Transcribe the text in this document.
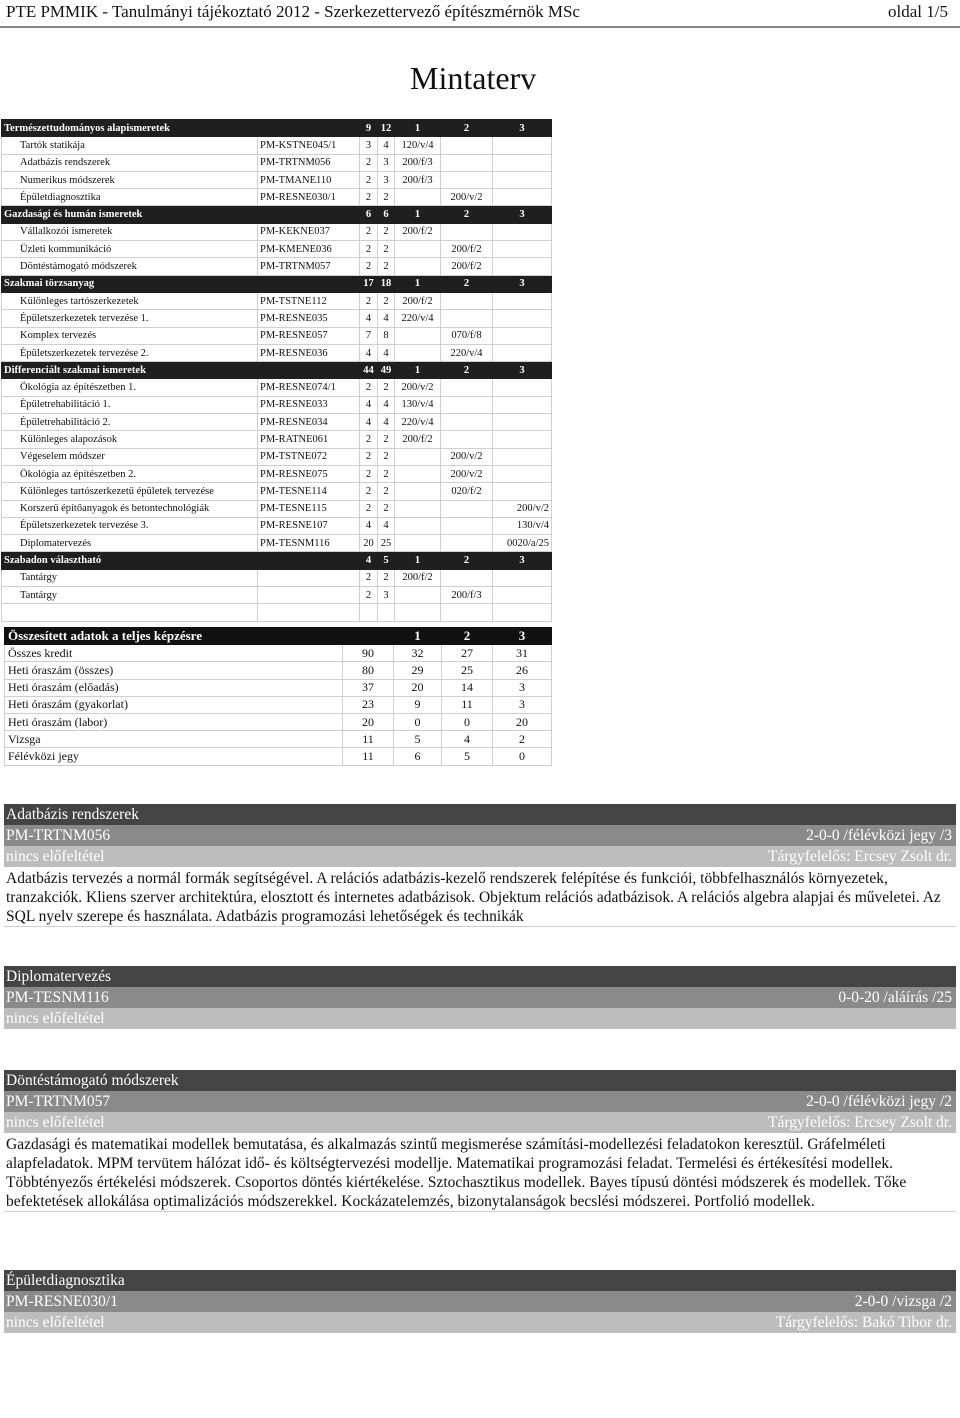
PTE PMMIK - Tanulmányi tájékoztató 2012 - Szerkezettervező építészmérnök MSc	oldal 1/5
Mintaterv
Természettudományos alapismeretek		9	12	1	2	3
Tartók statikája	PM-KSTNE045/1	3	4	120/v/4		
Adatbázis rendszerek	PM-TRTNM056	2	3	200/f/3		
Numerikus módszerek	PM-TMANE110	2	3	200/f/3		
Épületdiagnosztika	PM-RESNE030/1	2	2		200/v/2	
Gazdasági és humán ismeretek		6	6	1	2	3
Vállalkozói ismeretek	PM-KEKNE037	2	2	200/f/2		
Üzleti kommunikáció	PM-KMENE036	2	2		200/f/2	
Döntéstámogató módszerek	PM-TRTNM057	2	2		200/f/2	
Szakmai törzsanyag		17	18	1	2	3
Különleges tartószerkezetek	PM-TSTNE112	2	2	200/f/2		
Épületszerkezetek tervezése 1.	PM-RESNE035	4	4	220/v/4		
Komplex tervezés	PM-RESNE057	7	8		070/f/8	
Épületszerkezetek tervezése 2.	PM-RESNE036	4	4		220/v/4	
Differenciált szakmai ismeretek		44	49	1	2	3
Ökológia az építészetben 1.	PM-RESNE074/1	2	2	200/v/2		
Épületrehabilitáció 1.	PM-RESNE033	4	4	130/v/4		
Épületrehabilitáció 2.	PM-RESNE034	4	4	220/v/4		
Különleges alapozások	PM-RATNE061	2	2	200/f/2		
Végeselem módszer	PM-TSTNE072	2	2		200/v/2	
Ökológia az építészetben 2.	PM-RESNE075	2	2		200/v/2	
Különleges tartószerkezetű épületek tervezése	PM-TESNE114	2	2		020/f/2	
Korszerű építőanyagok és betontechnológiák	PM-TESNE115	2	2			200/v/2
Épületszerkezetek tervezése 3.	PM-RESNE107	4	4			130/v/4
Diplomatervezés	PM-TESNM116	20	25			0020/a/25
Szabadon választható		4	5	1	2	3
Tantárgy		2	2	200/f/2		
Tantárgy		2	3		200/f/3	

Összesített adatok a teljes képzésre		1	2	3
Összes kredit	90	32	27	31
Heti óraszám (összes)	80	29	25	26
Heti óraszám (előadás)	37	20	14	3
Heti óraszám (gyakorlat)	23	9	11	3
Heti óraszám (labor)	20	0	0	20
Vizsga	11	5	4	2
Félévközi jegy	11	6	5	0
Adatbázis rendszerek
PM-TRTNM056	2-0-0 /félévközi jegy /3
nincs előfeltétel	Tárgyfelelős: Ercsey Zsolt dr.
Adatbázis tervezés a normál formák segítségével. A relációs adatbázis-kezelő rendszerek felépítése és funkciói, többfelhasználós környezetek, tranzakciók. Kliens szerver architektúra, elosztott és internetes adatbázisok. Objektum relációs adatbázisok. A relációs algebra alapjai és műveletei. Az SQL nyelv szerepe és használata. Adatbázis programozási lehetőségek és technikák
Diplomatervezés
PM-TESNM116	0-0-20 /aláírás /25
nincs előfeltétel
Döntéstámogató módszerek
PM-TRTNM057	2-0-0 /félévközi jegy /2
nincs előfeltétel	Tárgyfelelős: Ercsey Zsolt dr.
Gazdasági és matematikai modellek bemutatása, és alkalmazás szintű megismerése számítási-modellezési feladatokon keresztül. Gráfelméleti alapfeladatok. MPM tervütem hálózat idő- és költségtervezési modellje. Matematikai programozási feladat. Termelési és értékesítési modellek. Többtényezős értékelési módszerek. Csoportos döntés kiértékelése. Sztochasztikus modellek. Bayes típusú döntési módszerek és modellek. Tőke befektetések allokálása optimalizációs módszerekkel. Kockázatelemzés, bizonytalanságok becslési módszerei. Portfolió modellek.
Épületdiagnosztika
PM-RESNE030/1	2-0-0 /vizsga /2
nincs előfeltétel	Tárgyfelelős: Bakó Tibor dr.
